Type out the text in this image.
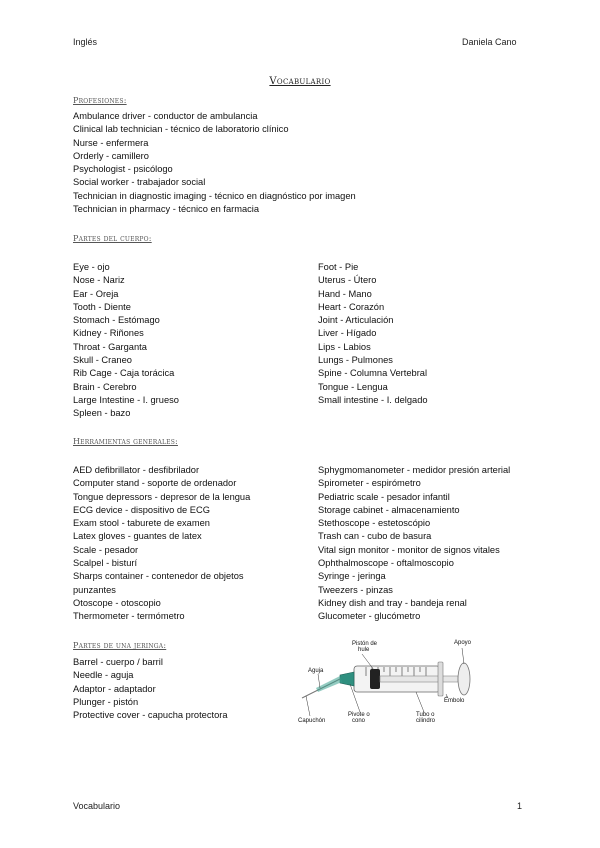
Inglés	Daniela Cano
Vocabulario
Profesiones:
Ambulance driver - conductor de ambulancia
Clinical lab technician - técnico de laboratorio clínico
Nurse - enfermera
Orderly - camillero
Psychologist - psicólogo
Social worker - trabajador social
Technician in diagnostic imaging - técnico en diagnóstico por imagen
Technician in pharmacy - técnico en farmacia
Partes del cuerpo:
Eye - ojo
Nose - Nariz
Ear - Oreja
Tooth - Diente
Stomach - Estómago
Kidney - Riñones
Throat - Garganta
Skull - Craneo
Rib Cage - Caja torácica
Brain - Cerebro
Large Intestine - I. grueso
Spleen - bazo
Foot - Pie
Uterus - Útero
Hand - Mano
Heart - Corazón
Joint - Articulación
Liver - Hígado
Lips - Labios
Lungs - Pulmones
Spine - Columna Vertebral
Tongue - Lengua
Small intestine - I. delgado
Herramientas generales:
AED defibrillator - desfibrilador
Computer stand - soporte de ordenador
Tongue depressors - depresor de la lengua
ECG device - dispositivo de ECG
Exam stool - taburete de examen
Latex gloves - guantes de latex
Scale - pesador
Scalpel - bisturí
Sharps container - contenedor de objetos
punzantes
Otoscope - otoscopio
Thermometer - termómetro
Sphygmomanometer - medidor presión arterial
Spirometer - espirómetro
Pediatric scale - pesador infantil
Storage cabinet - almacenamiento
Stethoscope - estetoscópio
Trash can - cubo de basura
Vital sign monitor - monitor de signos vitales
Ophthalmoscope - oftalmoscopio
Syringe - jeringa
Tweezers - pinzas
Kidney dish and tray - bandeja renal
Glucometer - glucómetro
Partes de una jeringa:
Barrel - cuerpo / barril
Needle - aguja
Adaptor - adaptador
Plunger - pistón
Protective cover - capucha protectora
Pistón de
hule
Apoyo
Aguja
Émbolo
Pivote o
cono
Tubo o
cilindro
Capuchón
Vocabulario	1
